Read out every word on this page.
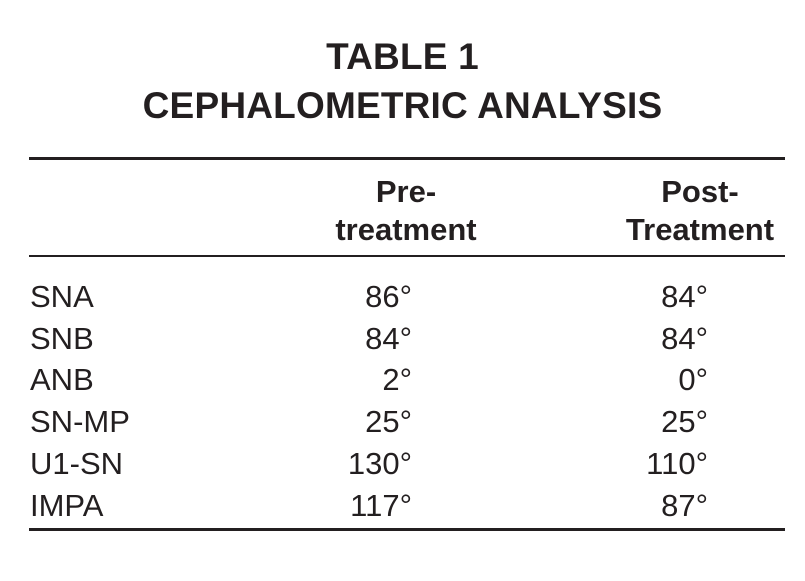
TABLE 1
CEPHALOMETRIC ANALYSIS
Pre-
treatment
Post-
Treatment
SNA	86°	84°
SNB	84°	84°
ANB	2°	0°
SN-MP	25°	25°
U1-SN	130°	110°
IMPA	117°	87°
